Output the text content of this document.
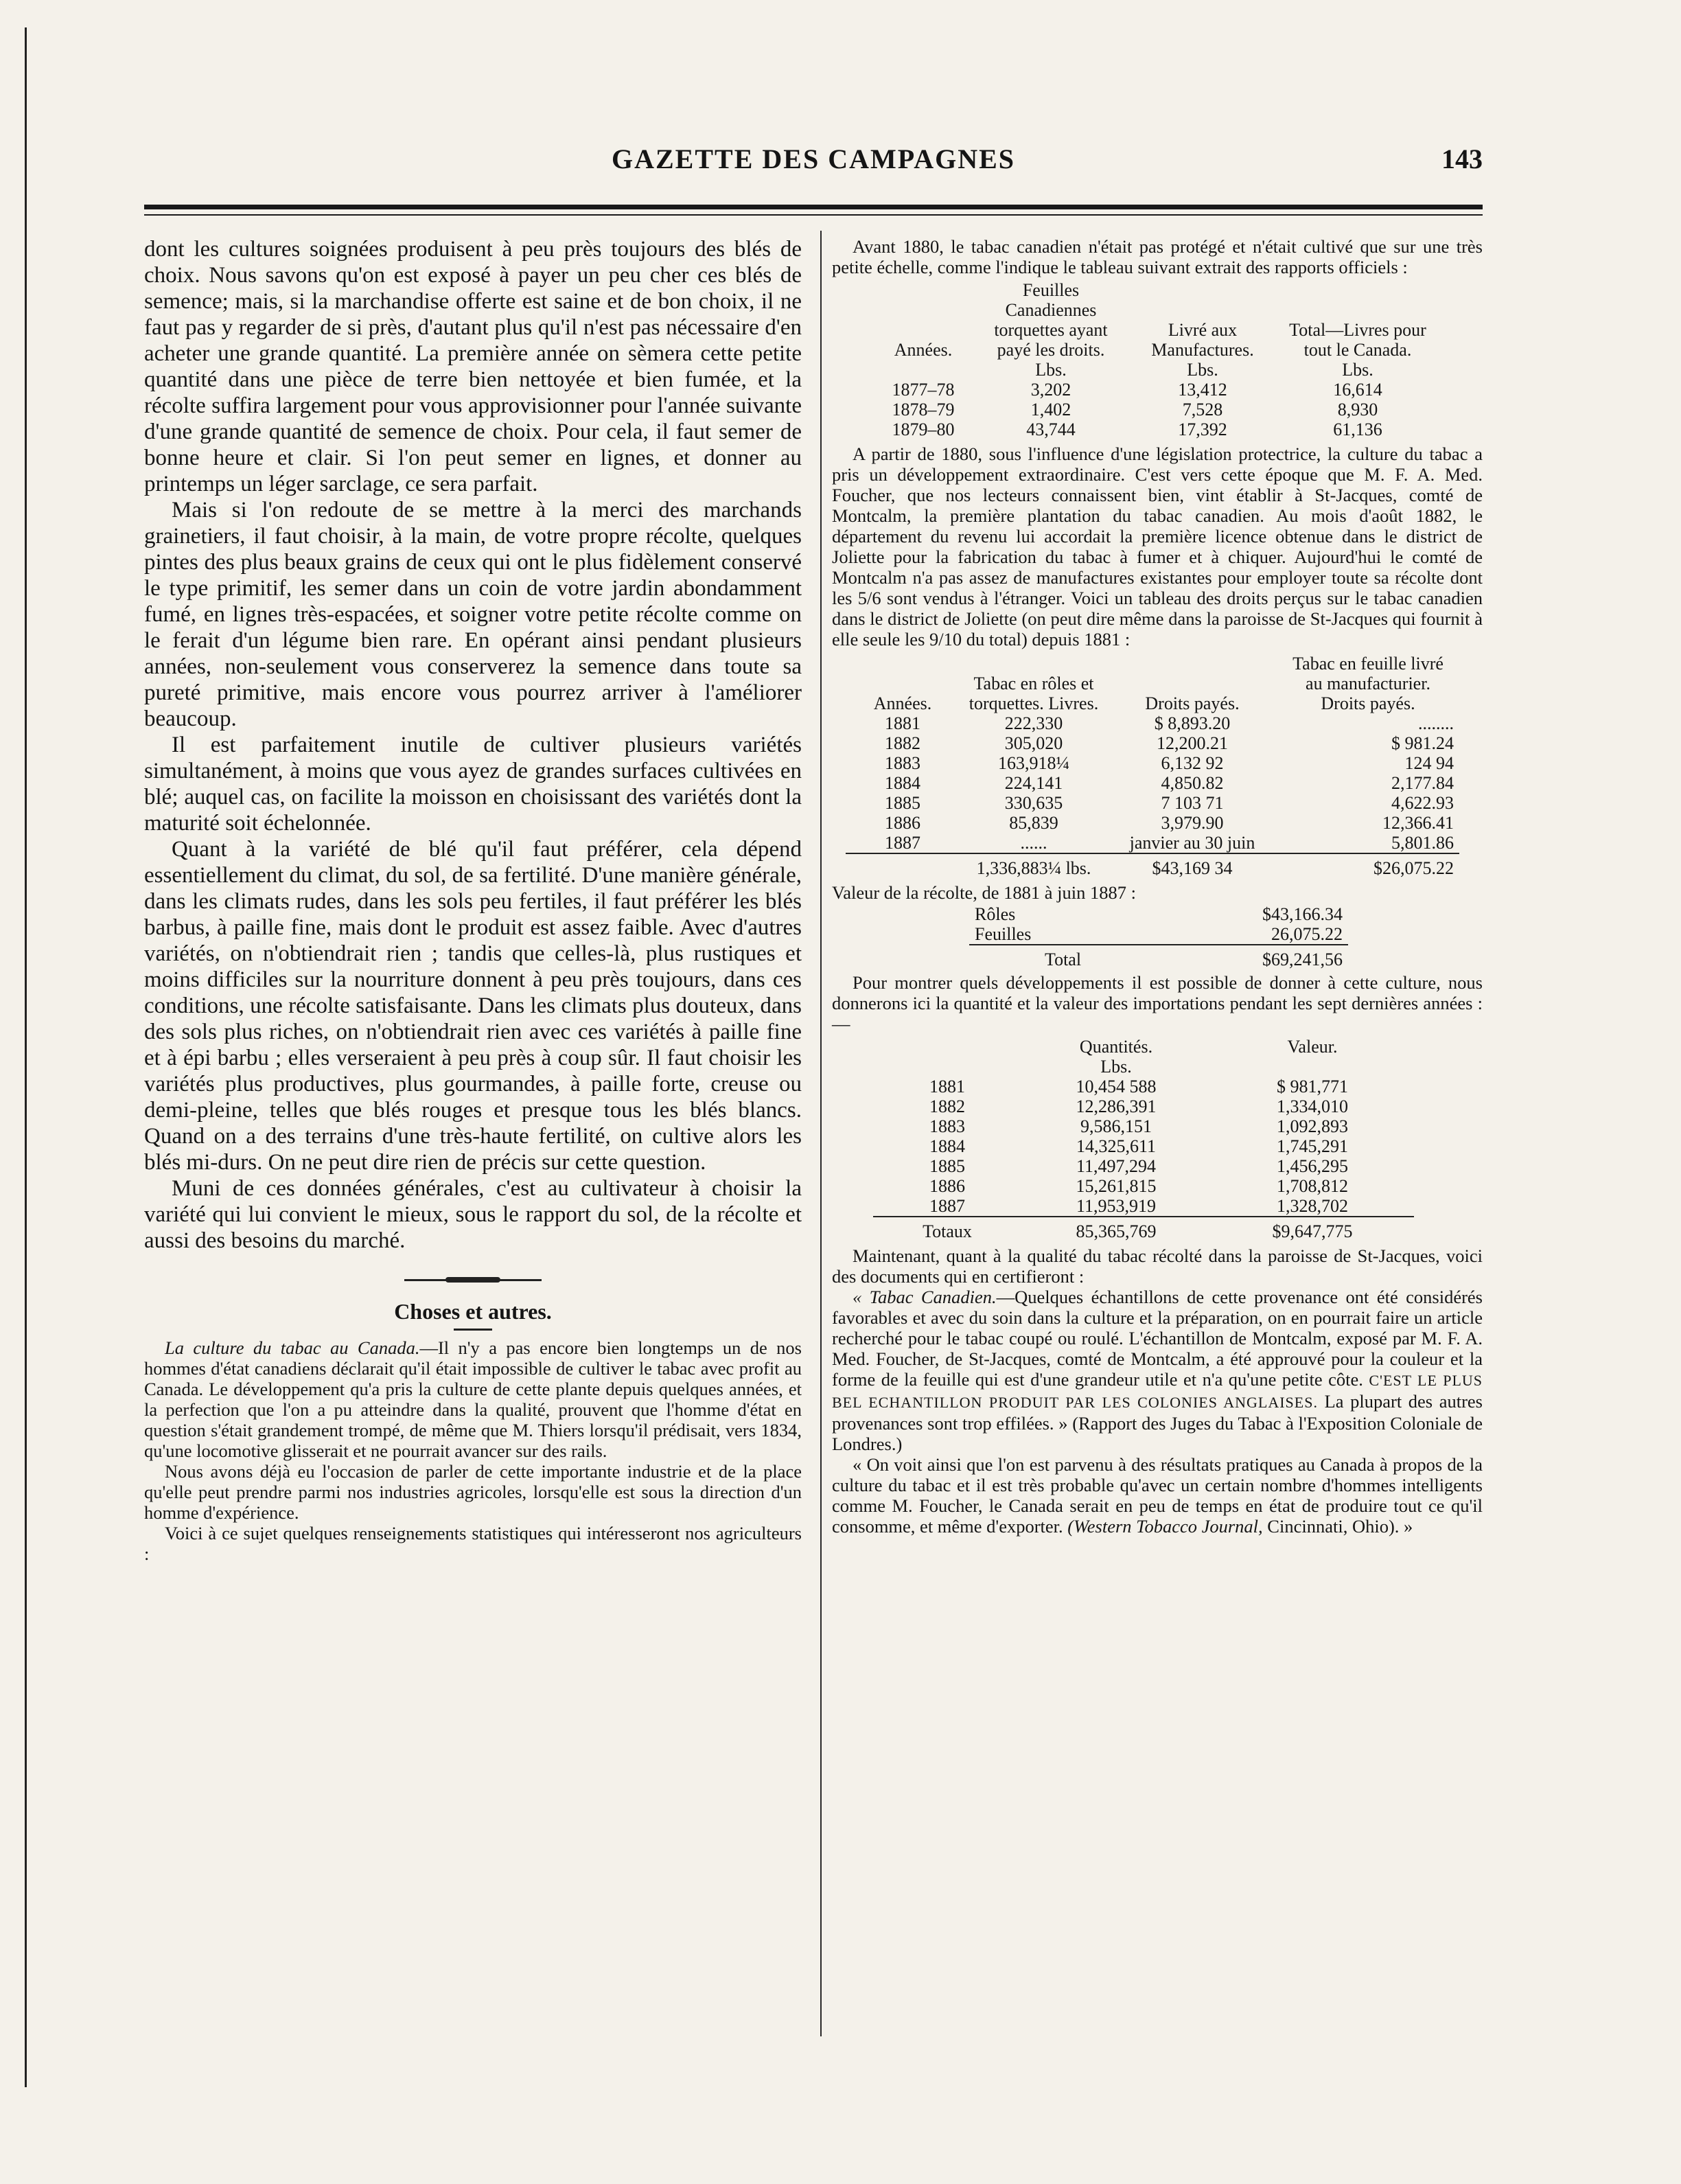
GAZETTE DES CAMPAGNES	143

dont les cultures soignées produisent à peu près toujours des blés de choix. Nous savons qu'on est exposé à payer un peu cher ces blés de semence; mais, si la marchandise offerte est saine et de bon choix, il ne faut pas y regarder de si près, d'autant plus qu'il n'est pas nécessaire d'en acheter une grande quantité. La première année on sèmera cette petite quantité dans une pièce de terre bien nettoyée et bien fumée, et la récolte suffira largement pour vous approvisionner pour l'année suivante d'une grande quantité de semence de choix. Pour cela, il faut semer de bonne heure et clair. Si l'on peut semer en lignes, et donner au printemps un léger sarclage, ce sera parfait.

Mais si l'on redoute de se mettre à la merci des marchands grainetiers, il faut choisir, à la main, de votre propre récolte, quelques pintes des plus beaux grains de ceux qui ont le plus fidèlement conservé le type primitif, les semer dans un coin de votre jardin abondamment fumé, en lignes très-espacées, et soigner votre petite récolte comme on le ferait d'un légume bien rare. En opérant ainsi pendant plusieurs années, non-seulement vous conserverez la semence dans toute sa pureté primitive, mais encore vous pourrez arriver à l'améliorer beaucoup.

Il est parfaitement inutile de cultiver plusieurs variétés simultanément, à moins que vous ayez de grandes surfaces cultivées en blé; auquel cas, on facilite la moisson en choisissant des variétés dont la maturité soit échelonnée.

Quant à la variété de blé qu'il faut préférer, cela dépend essentiellement du climat, du sol, de sa fertilité. D'une manière générale, dans les climats rudes, dans les sols peu fertiles, il faut préférer les blés barbus, à paille fine, mais dont le produit est assez faible. Avec d'autres variétés, on n'obtiendrait rien ; tandis que celles-là, plus rustiques et moins difficiles sur la nourriture donnent à peu près toujours, dans ces conditions, une récolte satisfaisante. Dans les climats plus douteux, dans des sols plus riches, on n'obtiendrait rien avec ces variétés à paille fine et à épi barbu ; elles verseraient à peu près à coup sûr. Il faut choisir les variétés plus productives, plus gourmandes, à paille forte, creuse ou demi-pleine, telles que blés rouges et presque tous les blés blancs. Quand on a des terrains d'une très-haute fertilité, on cultive alors les blés mi-durs. On ne peut dire rien de précis sur cette question.

Muni de ces données générales, c'est au cultivateur à choisir la variété qui lui convient le mieux, sous le rapport du sol, de la récolte et aussi des besoins du marché.

Choses et autres.

La culture du tabac au Canada.—Il n'y a pas encore bien longtemps un de nos hommes d'état canadiens déclarait qu'il était impossible de cultiver le tabac avec profit au Canada. Le développement qu'a pris la culture de cette plante depuis quelques années, et la perfection que l'on a pu atteindre dans la qualité, prouvent que l'homme d'état en question s'était grandement trompé, de même que M. Thiers lorsqu'il prédisait, vers 1834, qu'une locomotive glisserait et ne pourrait avancer sur des rails.

Nous avons déjà eu l'occasion de parler de cette importante industrie et de la place qu'elle peut prendre parmi nos industries agricoles, lorsqu'elle est sous la direction d'un homme d'expérience.

Voici à ce sujet quelques renseignements statistiques qui intéresseront nos agriculteurs :

Avant 1880, le tabac canadien n'était pas protégé et n'était cultivé que sur une très petite échelle, comme l'indique le tableau suivant extrait des rapports officiels :

Années.	Feuilles Canadiennes torquettes ayant payé les droits.	Livré aux Manufactures.	Total—Livres pour tout le Canada.
	Lbs.	Lbs.	Lbs.
1877–78	3,202	13,412	16,614
1878–79	1,402	7,528	8,930
1879–80	43,744	17,392	61,136

A partir de 1880, sous l'influence d'une législation protectrice, la culture du tabac a pris un développement extraordinaire. C'est vers cette époque que M. F. A. Med. Foucher, que nos lecteurs connaissent bien, vint établir à St-Jacques, comté de Montcalm, la première plantation du tabac canadien. Au mois d'août 1882, le département du revenu lui accordait la première licence obtenue dans le district de Joliette pour la fabrication du tabac à fumer et à chiquer. Aujourd'hui le comté de Montcalm n'a pas assez de manufactures existantes pour employer toute sa récolte dont les 5/6 sont vendus à l'étranger. Voici un tableau des droits perçus sur le tabac canadien dans le district de Joliette (on peut dire même dans la paroisse de St-Jacques qui fournit à elle seule les 9/10 du total) depuis 1881 :

Années.	Tabac en rôles et torquettes. Livres.	Droits payés.	Tabac en feuille livré au manufacturier. Droits payés.
1881	222,330	$ 8,893.20	........
1882	305,020	12,200.21	$ 981.24
1883	163,918¼	6,132 92	124 94
1884	224,141	4,850.82	2,177.84
1885	330,635	7 103 71	4,622.93
1886	85,839	3,979.90	12,366.41
1887	......	janvier au 30 juin	5,801.86
	1,336,883¼ lbs.	$43,169 34	$26,075.22

Valeur de la récolte, de 1881 à juin 1887 :

Rôles	$43,166.34
Feuilles	26,075.22
Total	$69,241,56

Pour montrer quels développements il est possible de donner à cette culture, nous donnerons ici la quantité et la valeur des importations pendant les sept dernières années :—

	Quantités.	Valeur.
	Lbs.	
1881	10,454 588	$ 981,771
1882	12,286,391	1,334,010
1883	9,586,151	1,092,893
1884	14,325,611	1,745,291
1885	11,497,294	1,456,295
1886	15,261,815	1,708,812
1887	11,953,919	1,328,702
Totaux	85,365,769	$9,647,775

Maintenant, quant à la qualité du tabac récolté dans la paroisse de St-Jacques, voici des documents qui en certifieront :

« Tabac Canadien.—Quelques échantillons de cette provenance ont été considérés favorables et avec du soin dans la culture et la préparation, on en pourrait faire un article recherché pour le tabac coupé ou roulé. L'échantillon de Montcalm, exposé par M. F. A. Med. Foucher, de St-Jacques, comté de Montcalm, a été approuvé pour la couleur et la forme de la feuille qui est d'une grandeur utile et n'a qu'une petite côte. C'EST LE PLUS BEL ECHANTILLON PRODUIT PAR LES COLONIES ANGLAISES. La plupart des autres provenances sont trop effilées. » (Rapport des Juges du Tabac à l'Exposition Coloniale de Londres.)

« On voit ainsi que l'on est parvenu à des résultats pratiques au Canada à propos de la culture du tabac et il est très probable qu'avec un certain nombre d'hommes intelligents comme M. Foucher, le Canada serait en peu de temps en état de produire tout ce qu'il consomme, et même d'exporter. (Western Tobacco Journal, Cincinnati, Ohio). »
